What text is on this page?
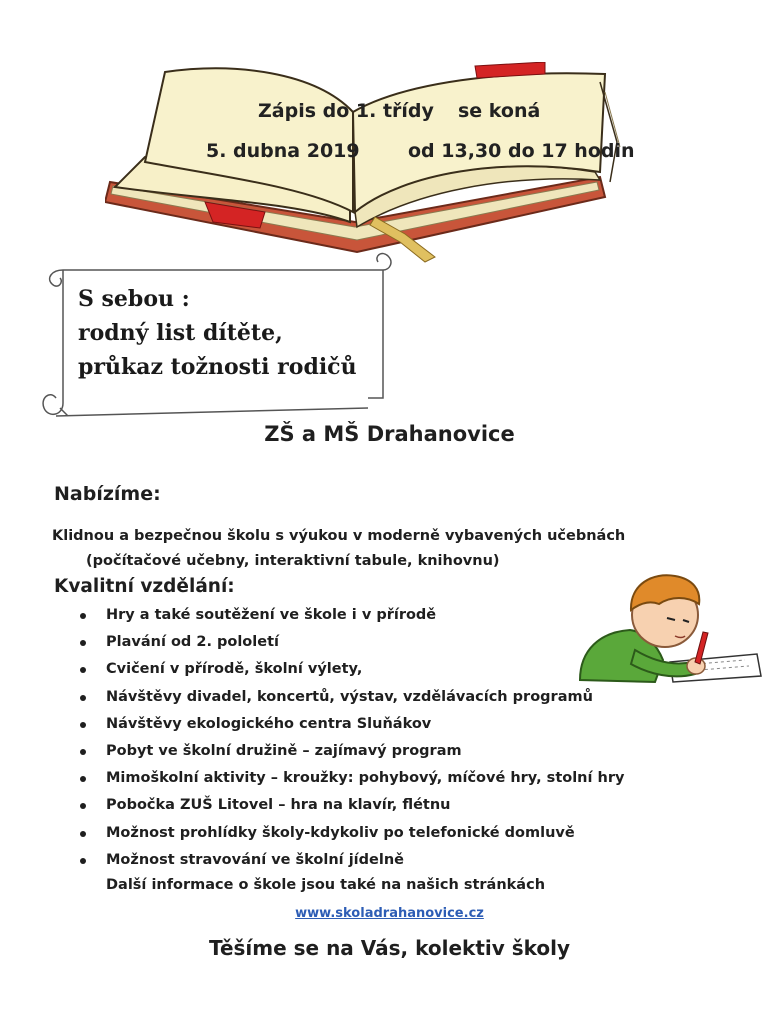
Zápis do 1. třídy se koná
5. dubna 2019	od 13,30 do 17 hodin
S sebou :
rodný list dítěte,
průkaz tožnosti rodičů
ZŠ a MŠ Drahanovice
Nabízíme:
Klidnou a bezpečnou školu s výukou v moderně vybavených učebnách
(počítačové učebny, interaktivní tabule, knihovnu)
Kvalitní vzdělání:
Hry a také soutěžení ve škole i v přírodě
Plavání od 2. pololetí
Cvičení v přírodě, školní výlety,
Návštěvy divadel, koncertů, výstav, vzdělávacích programů
Návštěvy ekologického centra Sluňákov
Pobyt ve školní družině – zajímavý program
Mimoškolní aktivity – kroužky: pohybový, míčové hry, stolní hry
Pobočka ZUŠ Litovel – hra na klavír, flétnu
Možnost prohlídky školy-kdykoliv po telefonické domluvě
Možnost stravování ve školní jídelně
Další informace o škole jsou také na našich stránkách
www.skoladrahanovice.cz
Těšíme se na Vás, kolektiv školy
